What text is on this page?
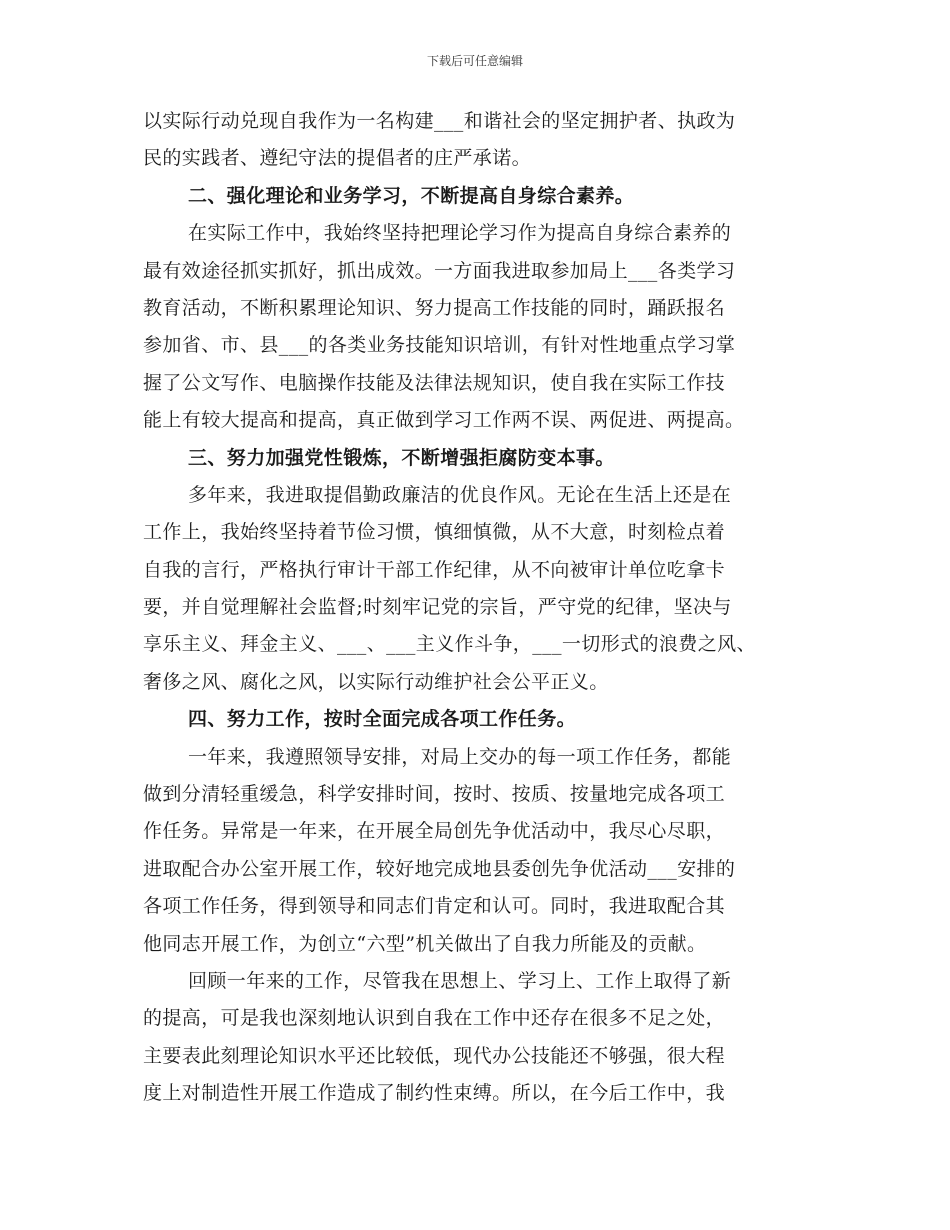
下载后可任意编辑
以实际行动兑现自我作为一名构建___和谐社会的坚定拥护者、执政为
民的实践者、遵纪守法的提倡者的庄严承诺。
二、强化理论和业务学习，不断提高自身综合素养。
在实际工作中，我始终坚持把理论学习作为提高自身综合素养的
最有效途径抓实抓好，抓出成效。一方面我进取参加局上___各类学习
教育活动，不断积累理论知识、努力提高工作技能的同时，踊跃报名
参加省、市、县___的各类业务技能知识培训，有针对性地重点学习掌
握了公文写作、电脑操作技能及法律法规知识，使自我在实际工作技
能上有较大提高和提高，真正做到学习工作两不误、两促进、两提高。
三、努力加强党性锻炼，不断增强拒腐防变本事。
多年来，我进取提倡勤政廉洁的优良作风。无论在生活上还是在
工作上，我始终坚持着节俭习惯，慎细慎微，从不大意，时刻检点着
自我的言行，严格执行审计干部工作纪律，从不向被审计单位吃拿卡
要，并自觉理解社会监督;时刻牢记党的宗旨，严守党的纪律，坚决与
享乐主义、拜金主义、___、___主义作斗争，___一切形式的浪费之风、
奢侈之风、腐化之风，以实际行动维护社会公平正义。
四、努力工作，按时全面完成各项工作任务。
一年来，我遵照领导安排，对局上交办的每一项工作任务，都能
做到分清轻重缓急，科学安排时间，按时、按质、按量地完成各项工
作任务。异常是一年来，在开展全局创先争优活动中，我尽心尽职，
进取配合办公室开展工作，较好地完成地县委创先争优活动___安排的
各项工作任务，得到领导和同志们肯定和认可。同时，我进取配合其
他同志开展工作，为创立“六型”机关做出了自我力所能及的贡献。
回顾一年来的工作，尽管我在思想上、学习上、工作上取得了新
的提高，可是我也深刻地认识到自我在工作中还存在很多不足之处，
主要表此刻理论知识水平还比较低，现代办公技能还不够强，很大程
度上对制造性开展工作造成了制约性束缚。所以，在今后工作中，我
